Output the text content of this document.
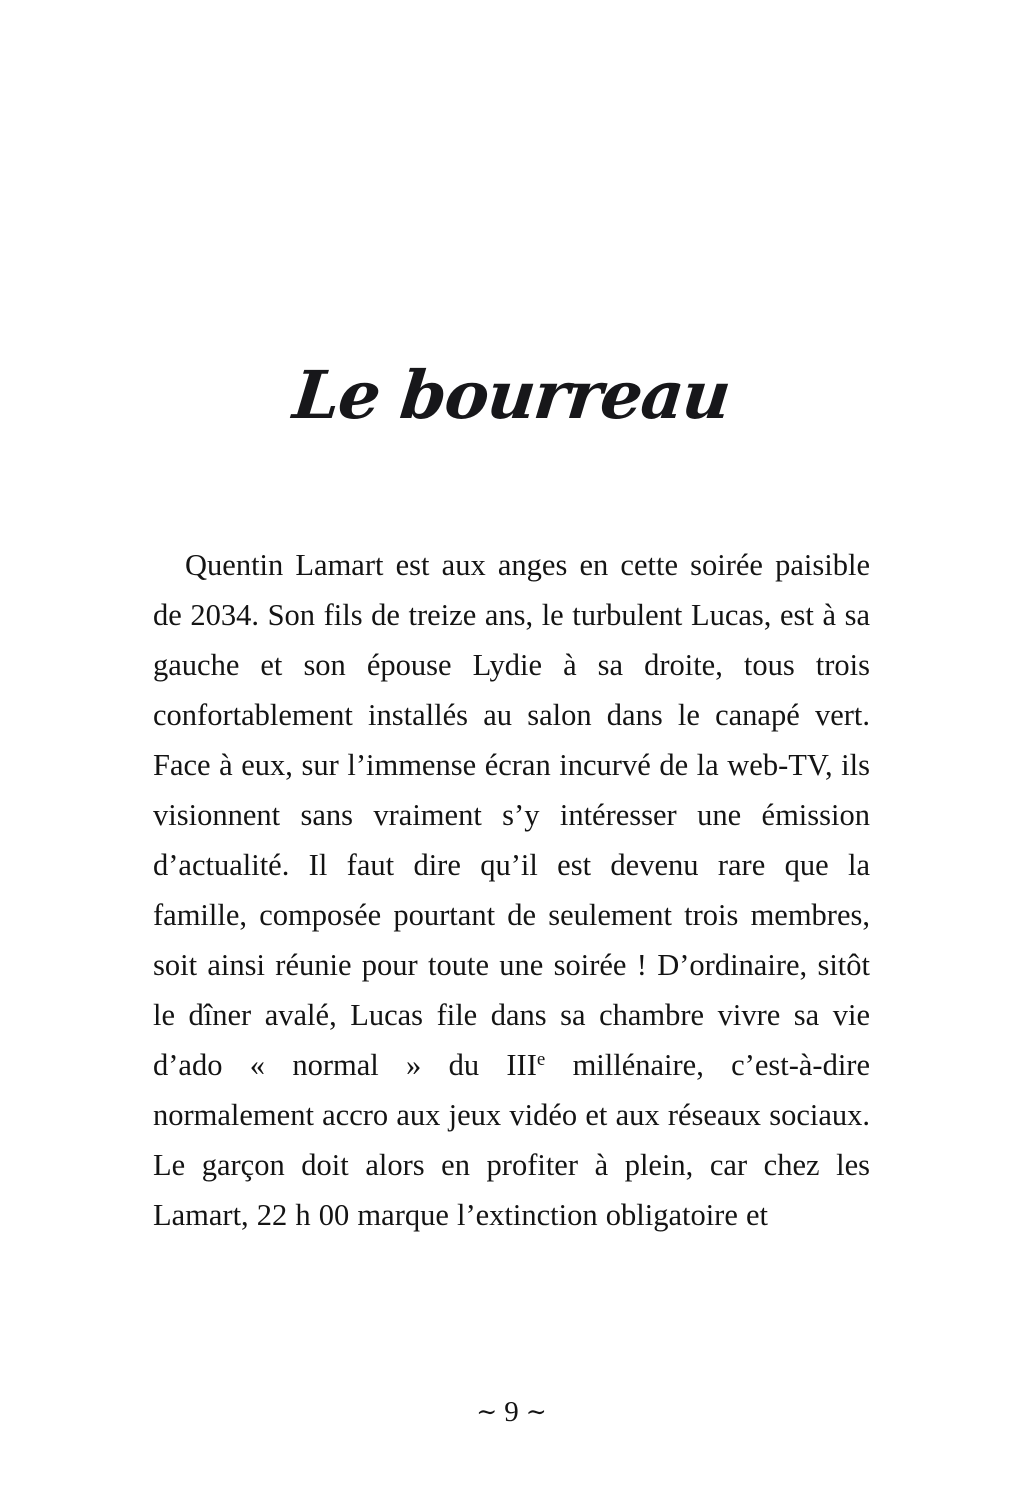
Le bourreau

Quentin Lamart est aux anges en cette soirée paisible de 2034. Son fils de treize ans, le turbulent Lucas, est à sa gauche et son épouse Lydie à sa droite, tous trois confortablement installés au salon dans le canapé vert. Face à eux, sur l’immense écran incurvé de la web-TV, ils visionnent sans vraiment s’y intéresser une émission d’actualité. Il faut dire qu’il est devenu rare que la famille, composée pourtant de seulement trois membres, soit ainsi réunie pour toute une soirée ! D’ordinaire, sitôt le dîner avalé, Lucas file dans sa chambre vivre sa vie d’ado « normal » du IIIe millénaire, c’est-à-dire normalement accro aux jeux vidéo et aux réseaux sociaux. Le garçon doit alors en profiter à plein, car chez les Lamart, 22 h 00 marque l’extinction obligatoire et

∼ 9 ∼
